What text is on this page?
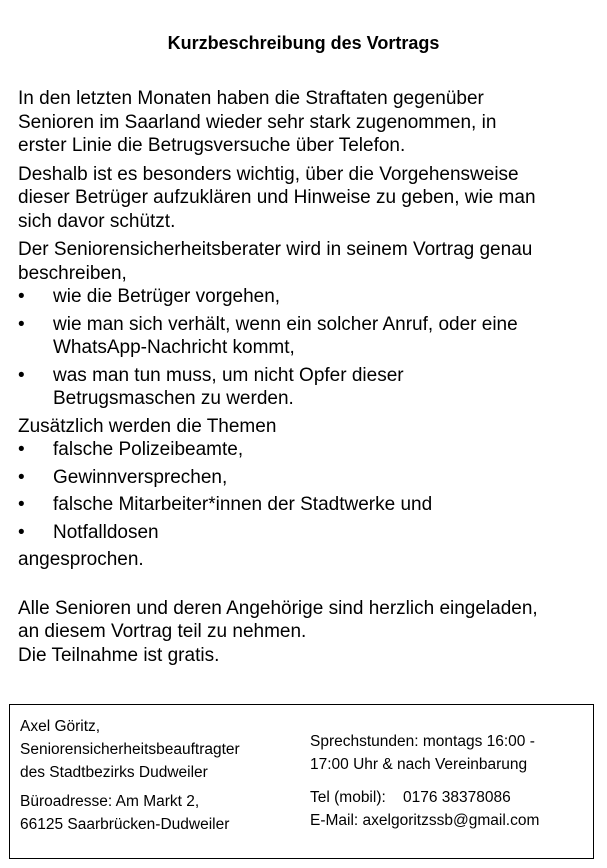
Kurzbeschreibung des Vortrags

In den letzten Monaten haben die Straftaten gegenüber
Senioren im Saarland wieder sehr stark zugenommen, in
erster Linie die Betrugsversuche über Telefon.

Deshalb ist es besonders wichtig, über die Vorgehensweise
dieser Betrüger aufzuklären und Hinweise zu geben, wie man
sich davor schützt.

Der Seniorensicherheitsberater wird in seinem Vortrag genau
beschreiben,

• wie die Betrüger vorgehen,
• wie man sich verhält, wenn ein solcher Anruf, oder eine
WhatsApp-Nachricht kommt,
• was man tun muss, um nicht Opfer dieser
Betrugsmaschen zu werden.

Zusätzlich werden die Themen

• falsche Polizeibeamte,
• Gewinnversprechen,
• falsche Mitarbeiter*innen der Stadtwerke und
• Notfalldosen

angesprochen.

Alle Senioren und deren Angehörige sind herzlich eingeladen,
an diesem Vortrag teil zu nehmen.
Die Teilnahme ist gratis.

Axel Göritz,
Seniorensicherheitsbeauftragter
des Stadtbezirks Dudweiler
Büroadresse: Am Markt 2,
66125 Saarbrücken-Dudweiler
Sprechstunden: montags 16:00 -
17:00 Uhr & nach Vereinbarung
Tel (mobil):    0176 38378086
E-Mail: axelgoritzssb@gmail.com
